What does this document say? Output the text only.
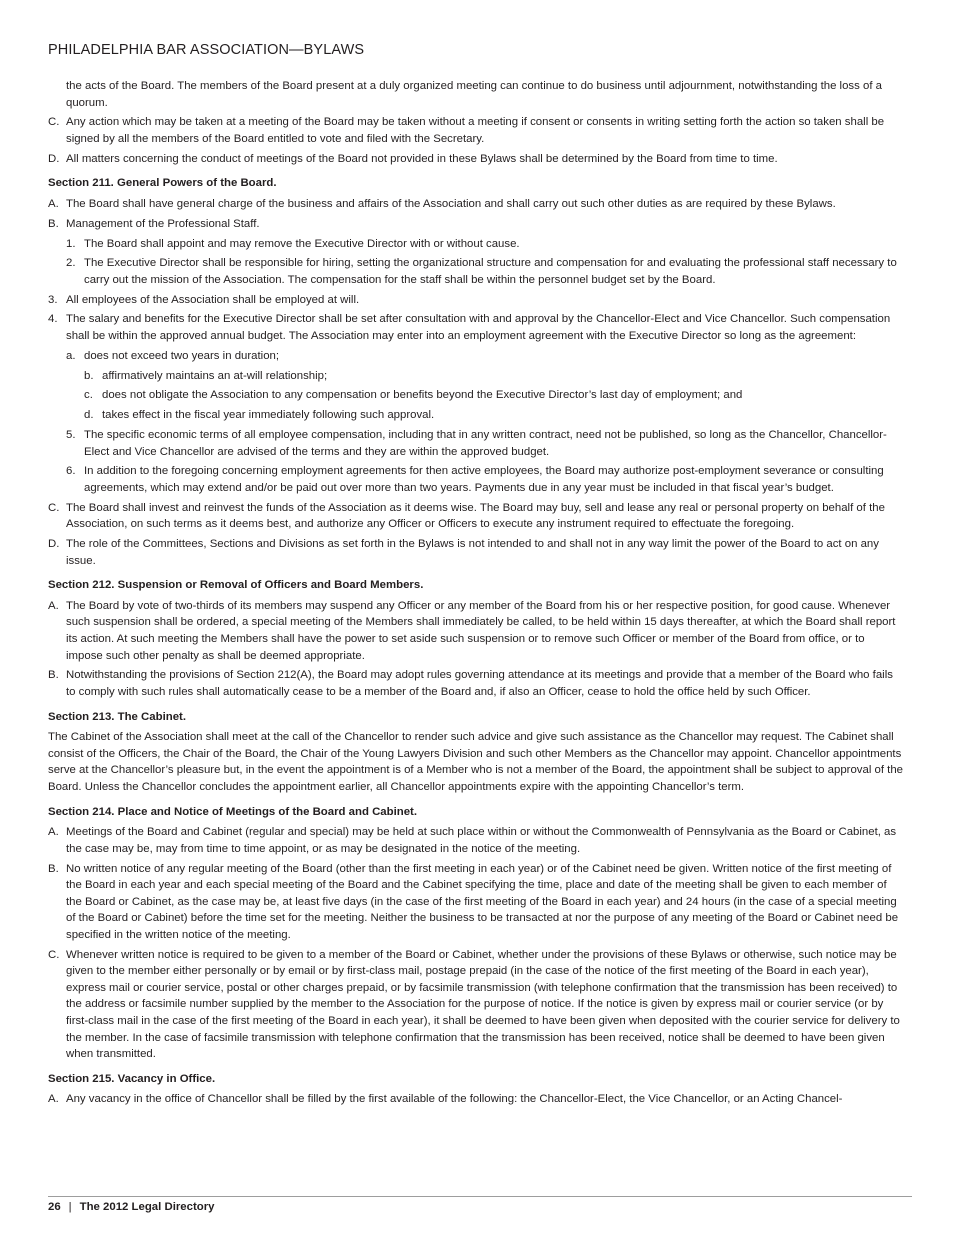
PHILADELPHIA BAR ASSOCIATION—BYLAWS
the acts of the Board. The members of the Board present at a duly organized meeting can continue to do business until adjournment, notwithstanding the loss of a quorum.
C. Any action which may be taken at a meeting of the Board may be taken without a meeting if consent or consents in writing setting forth the action so taken shall be signed by all the members of the Board entitled to vote and filed with the Secretary.
D. All matters concerning the conduct of meetings of the Board not provided in these Bylaws shall be determined by the Board from time to time.
Section 211. General Powers of the Board.
A. The Board shall have general charge of the business and affairs of the Association and shall carry out such other duties as are required by these Bylaws.
B. Management of the Professional Staff.
1. The Board shall appoint and may remove the Executive Director with or without cause.
2. The Executive Director shall be responsible for hiring, setting the organizational structure and compensation for and evaluating the professional staff necessary to carry out the mission of the Association. The compensation for the staff shall be within the personnel budget set by the Board.
3. All employees of the Association shall be employed at will.
4. The salary and benefits for the Executive Director shall be set after consultation with and approval by the Chancellor-Elect and Vice Chancellor. Such compensation shall be within the approved annual budget. The Association may enter into an employment agreement with the Executive Director so long as the agreement:
a. does not exceed two years in duration;
b. affirmatively maintains an at-will relationship;
c. does not obligate the Association to any compensation or benefits beyond the Executive Director’s last day of employment; and
d. takes effect in the fiscal year immediately following such approval.
5. The specific economic terms of all employee compensation, including that in any written contract, need not be published, so long as the Chancellor, Chancellor-Elect and Vice Chancellor are advised of the terms and they are within the approved budget.
6. In addition to the foregoing concerning employment agreements for then active employees, the Board may authorize post-employment severance or consulting agreements, which may extend and/or be paid out over more than two years. Payments due in any year must be included in that fiscal year’s budget.
C. The Board shall invest and reinvest the funds of the Association as it deems wise. The Board may buy, sell and lease any real or personal property on behalf of the Association, on such terms as it deems best, and authorize any Officer or Officers to execute any instrument required to effectuate the foregoing.
D. The role of the Committees, Sections and Divisions as set forth in the Bylaws is not intended to and shall not in any way limit the power of the Board to act on any issue.
Section 212. Suspension or Removal of Officers and Board Members.
A. The Board by vote of two-thirds of its members may suspend any Officer or any member of the Board from his or her respective position, for good cause. Whenever such suspension shall be ordered, a special meeting of the Members shall immediately be called, to be held within 15 days thereafter, at which the Board shall report its action. At such meeting the Members shall have the power to set aside such suspension or to remove such Officer or member of the Board from office, or to impose such other penalty as shall be deemed appropriate.
B. Notwithstanding the provisions of Section 212(A), the Board may adopt rules governing attendance at its meetings and provide that a member of the Board who fails to comply with such rules shall automatically cease to be a member of the Board and, if also an Officer, cease to hold the office held by such Officer.
Section 213. The Cabinet.
The Cabinet of the Association shall meet at the call of the Chancellor to render such advice and give such assistance as the Chancellor may request. The Cabinet shall consist of the Officers, the Chair of the Board, the Chair of the Young Lawyers Division and such other Members as the Chancellor may appoint. Chancellor appointments serve at the Chancellor’s pleasure but, in the event the appointment is of a Member who is not a member of the Board, the appointment shall be subject to approval of the Board. Unless the Chancellor concludes the appointment earlier, all Chancellor appointments expire with the appointing Chancellor’s term.
Section 214. Place and Notice of Meetings of the Board and Cabinet.
A. Meetings of the Board and Cabinet (regular and special) may be held at such place within or without the Commonwealth of Pennsylvania as the Board or Cabinet, as the case may be, may from time to time appoint, or as may be designated in the notice of the meeting.
B. No written notice of any regular meeting of the Board (other than the first meeting in each year) or of the Cabinet need be given. Written notice of the first meeting of the Board in each year and each special meeting of the Board and the Cabinet specifying the time, place and date of the meeting shall be given to each member of the Board or Cabinet, as the case may be, at least five days (in the case of the first meeting of the Board in each year) and 24 hours (in the case of a special meeting of the Board or Cabinet) before the time set for the meeting. Neither the business to be transacted at nor the purpose of any meeting of the Board or Cabinet need be specified in the written notice of the meeting.
C. Whenever written notice is required to be given to a member of the Board or Cabinet, whether under the provisions of these Bylaws or otherwise, such notice may be given to the member either personally or by email or by first-class mail, postage prepaid (in the case of the notice of the first meeting of the Board in each year), express mail or courier service, postal or other charges prepaid, or by facsimile transmission (with telephone confirmation that the transmission has been received) to the address or facsimile number supplied by the member to the Association for the purpose of notice. If the notice is given by express mail or courier service (or by first-class mail in the case of the first meeting of the Board in each year), it shall be deemed to have been given when deposited with the courier service for delivery to the member. In the case of facsimile transmission with telephone confirmation that the transmission has been received, notice shall be deemed to have been given when transmitted.
Section 215. Vacancy in Office.
A. Any vacancy in the office of Chancellor shall be filled by the first available of the following: the Chancellor-Elect, the Vice Chancellor, or an Acting Chancel-
26 | The 2012 Legal Directory
